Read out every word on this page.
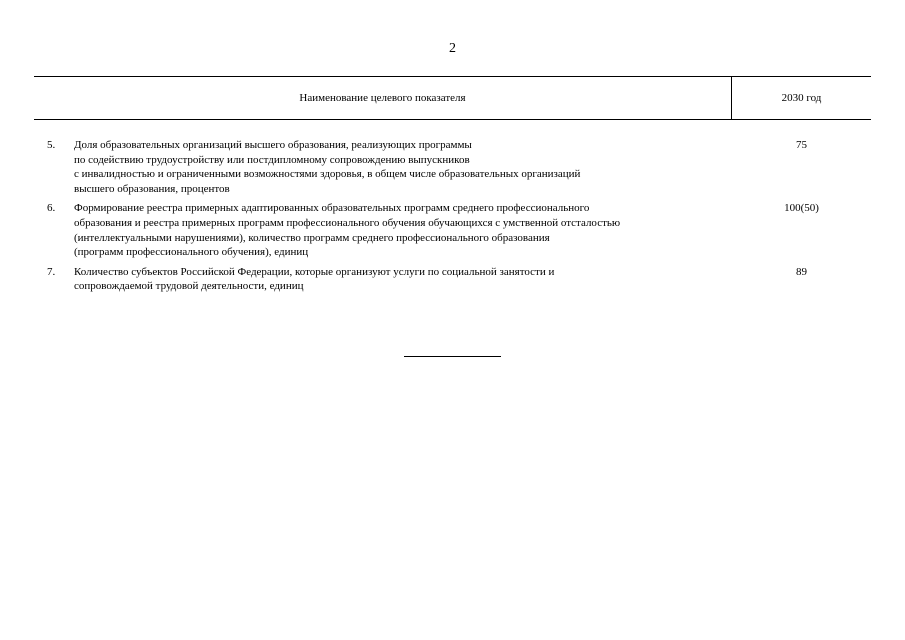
2
Наименование целевого показателя	2030 год
5. Доля образовательных организаций высшего образования, реализующих программы
по содействию трудоустройству или постдипломному сопровождению выпускников
с инвалидностью и ограниченными возможностями здоровья, в общем числе образовательных организаций
высшего образования, процентов
75
6. Формирование реестра примерных адаптированных образовательных программ среднего профессионального
образования и реестра примерных программ профессионального обучения обучающихся с умственной отсталостью
(интеллектуальными нарушениями), количество программ среднего профессионального образования
(программ профессионального обучения), единиц
100(50)
7. Количество субъектов Российской Федерации, которые организуют услуги по социальной занятости и
сопровождаемой трудовой деятельности, единиц
89
